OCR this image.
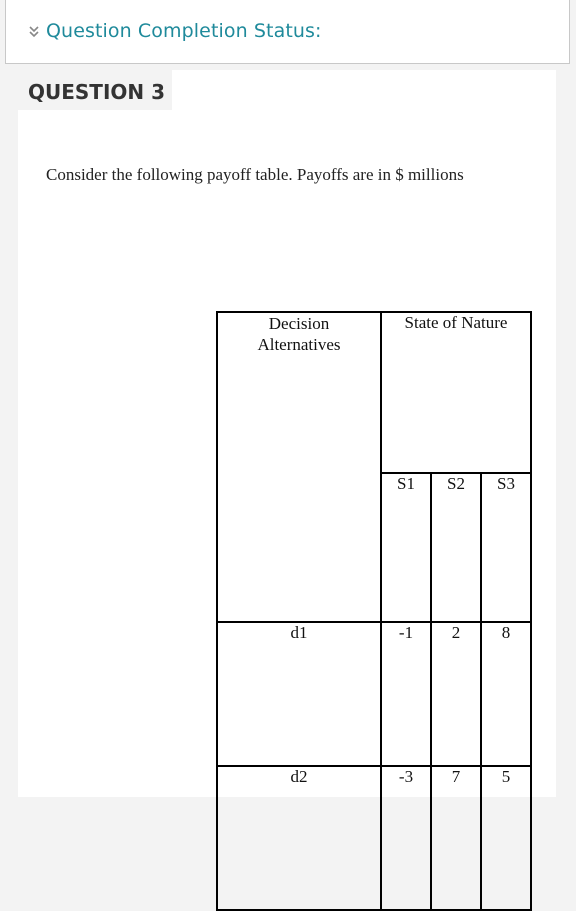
Question Completion Status:
QUESTION 3

Consider the following payoff table. Payoffs are in $ millions

Decision
Alternatives	State of Nature		
	S1	S2	S3
d1	-1	2	8
d2	-3	7	5
